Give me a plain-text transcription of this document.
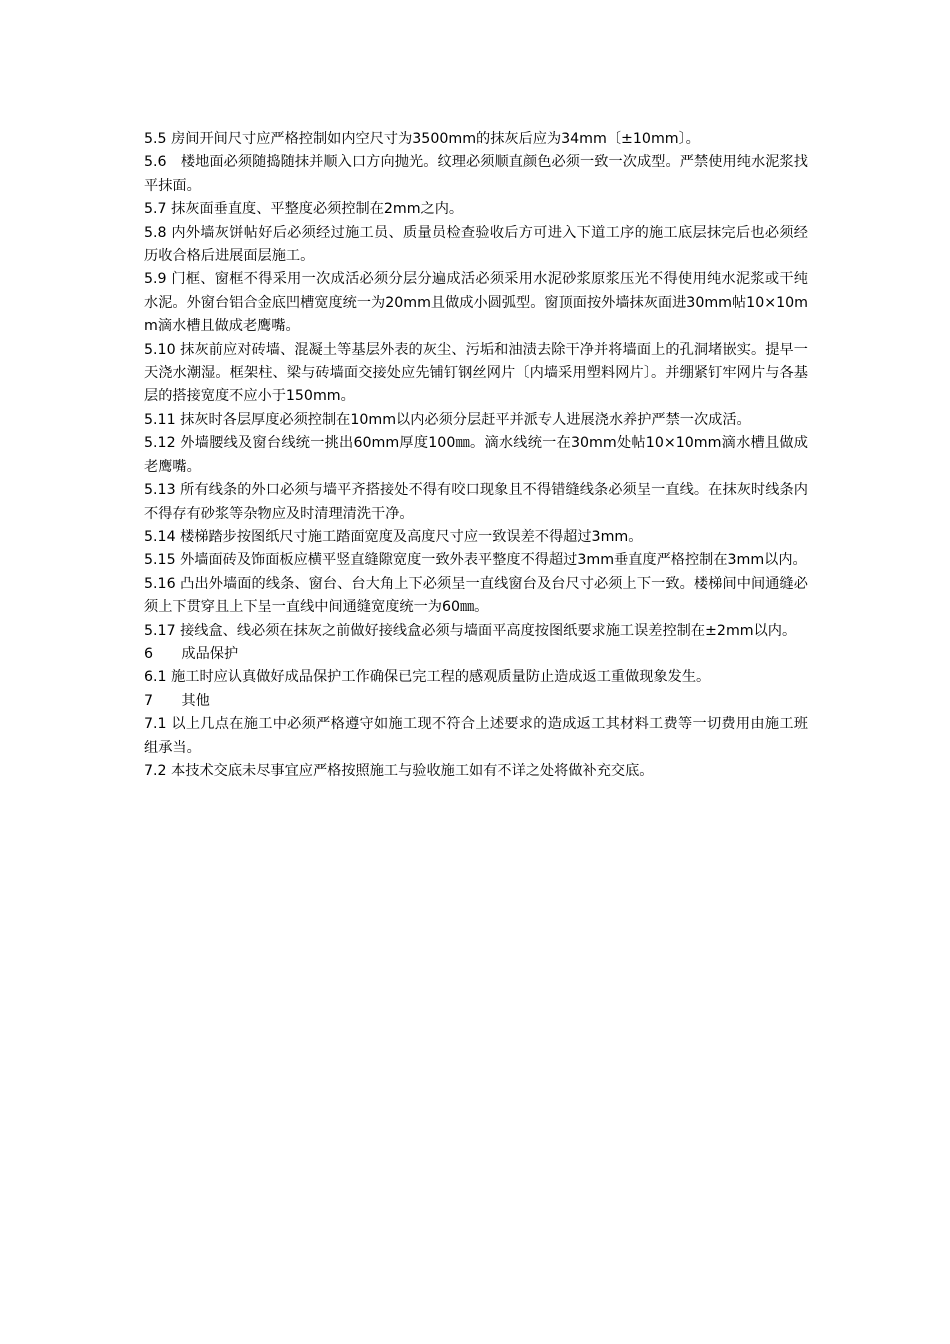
5.5 房间开间尺寸应严格控制如内空尺寸为3500mm的抹灰后应为34mm〔±10mm〕。

5.6　楼地面必须随捣随抹并顺入口方向抛光。纹理必须顺直颜色必须一致一次成型。严禁使用纯水泥浆找平抹面。

5.7 抹灰面垂直度、平整度必须控制在2mm之内。

5.8 内外墙灰饼帖好后必须经过施工员、质量员检查验收后方可进入下道工序的施工底层抹完后也必须经历收合格后进展面层施工。

5.9 门框、窗框不得采用一次成活必须分层分遍成活必须采用水泥砂浆原浆压光不得使用纯水泥浆或干纯水泥。外窗台铝合金底凹槽宽度统一为20mm且做成小圆弧型。窗顶面按外墙抹灰面进30mm帖10×10mm滴水槽且做成老鹰嘴。

5.10 抹灰前应对砖墙、混凝土等基层外表的灰尘、污垢和油渍去除干净并将墙面上的孔洞堵嵌实。提早一天浇水潮湿。框架柱、梁与砖墙面交接处应先铺钉钢丝网片〔内墙采用塑料网片〕。并绷紧钉牢网片与各基层的搭接宽度不应小于150mm。

5.11 抹灰时各层厚度必须控制在10mm以内必须分层赶平并派专人进展浇水养护严禁一次成活。

5.12 外墙腰线及窗台线统一挑出60mm厚度100㎜。滴水线统一在30mm处帖10×10mm滴水槽且做成老鹰嘴。

5.13 所有线条的外口必须与墙平齐搭接处不得有咬口现象且不得错缝线条必须呈一直线。在抹灰时线条内不得存有砂浆等杂物应及时清理清洗干净。

5.14 楼梯踏步按图纸尺寸施工踏面宽度及高度尺寸应一致误差不得超过3mm。

5.15 外墙面砖及饰面板应横平竖直缝隙宽度一致外表平整度不得超过3mm垂直度严格控制在3mm以内。

5.16 凸出外墙面的线条、窗台、台大角上下必须呈一直线窗台及台尺寸必须上下一致。楼梯间中间通缝必须上下贯穿且上下呈一直线中间通缝宽度统一为60㎜。

5.17 接线盒、线必须在抹灰之前做好接线盒必须与墙面平高度按图纸要求施工误差控制在±2mm以内。

6　　成品保护

6.1 施工时应认真做好成品保护工作确保已完工程的感观质量防止造成返工重做现象发生。

7　　其他

7.1 以上几点在施工中必须严格遵守如施工现不符合上述要求的造成返工其材料工费等一切费用由施工班组承当。

7.2 本技术交底未尽事宜应严格按照施工与验收施工如有不详之处将做补充交底。
